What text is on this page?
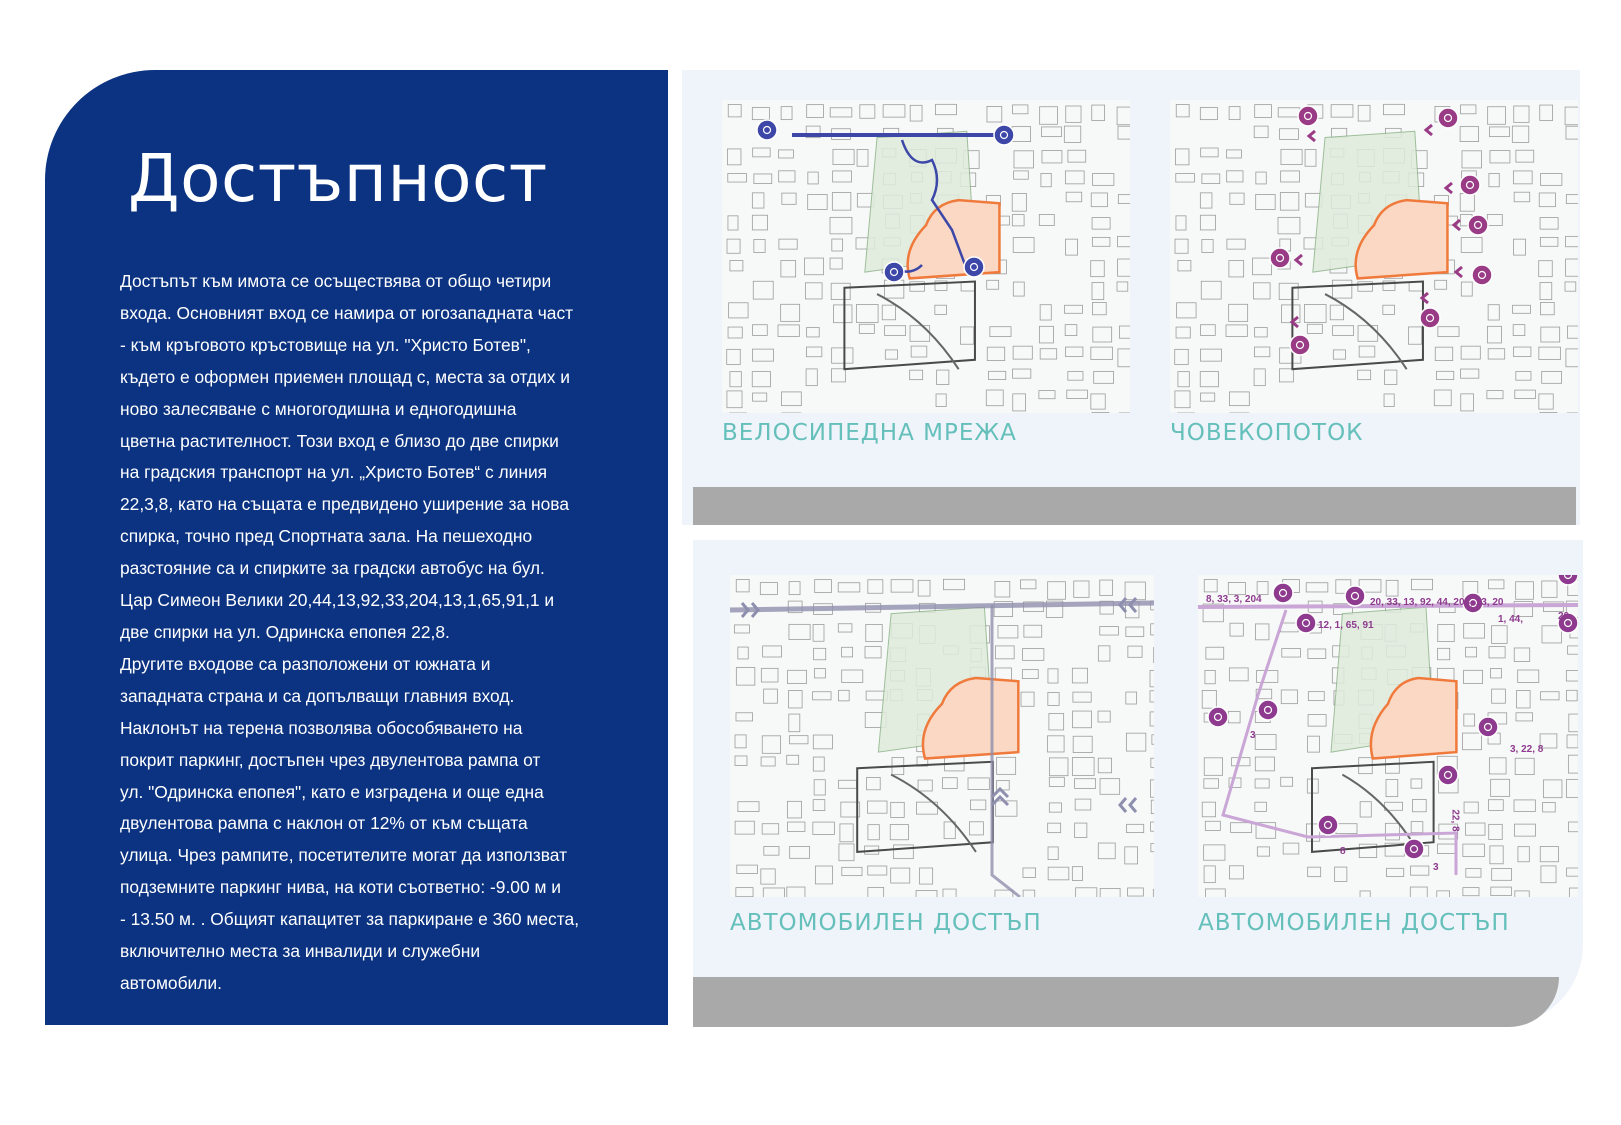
Достъпност

Достъпът към имота се осъществява от общо четири
входа. Основният вход се намира от югозападната част
- към кръговото кръстовище на ул. "Христо Ботев",
където е оформен приемен площад с, места за отдих и
ново залесяване с многогодишна и едногодишна
цветна растителност. Този вход е близо до две спирки
на градския транспорт на ул. „Христо Ботев“ с линия
22,3,8, като на същата е предвидено уширение за нова
спирка, точно пред Спортната зала. На пешеходно
разстояние са и спирките за градски автобус на бул.
Цар Симеон Велики 20,44,13,92,33,204,13,1,65,91,1 и
две спирки на ул. Одринска епопея 22,8.

Другите входове са разположени от южната и
западната страна и са допълващи главния вход.
Наклонът на терена позволява обособяването на
покрит паркинг, достъпен чрез двулентова рампа от
ул. "Одринска епопея", като е изградена и още една
двулентова рампа с наклон от 12% от към същата
улица. Чрез рампите, посетителите могат да използват
подземните паркинг нива, на коти съответно: -9.00 м и
- 13.50 м. . Общият капацитет за паркиране е 360 места,
включително места за инвалиди и служебни
автомобили.

ВЕЛОСИПЕДНА МРЕЖА	ЧОВЕКОПОТОК
АВТОМОБИЛЕН ДОСТЪП	АВТОМОБИЛЕН ДОСТЪП
8, 33, 3, 204	20, 33, 13, 92, 44, 204, 13, 20
12, 1, 65, 91
1, 44,	20
3
3, 22, 8
22, 8
8
3
